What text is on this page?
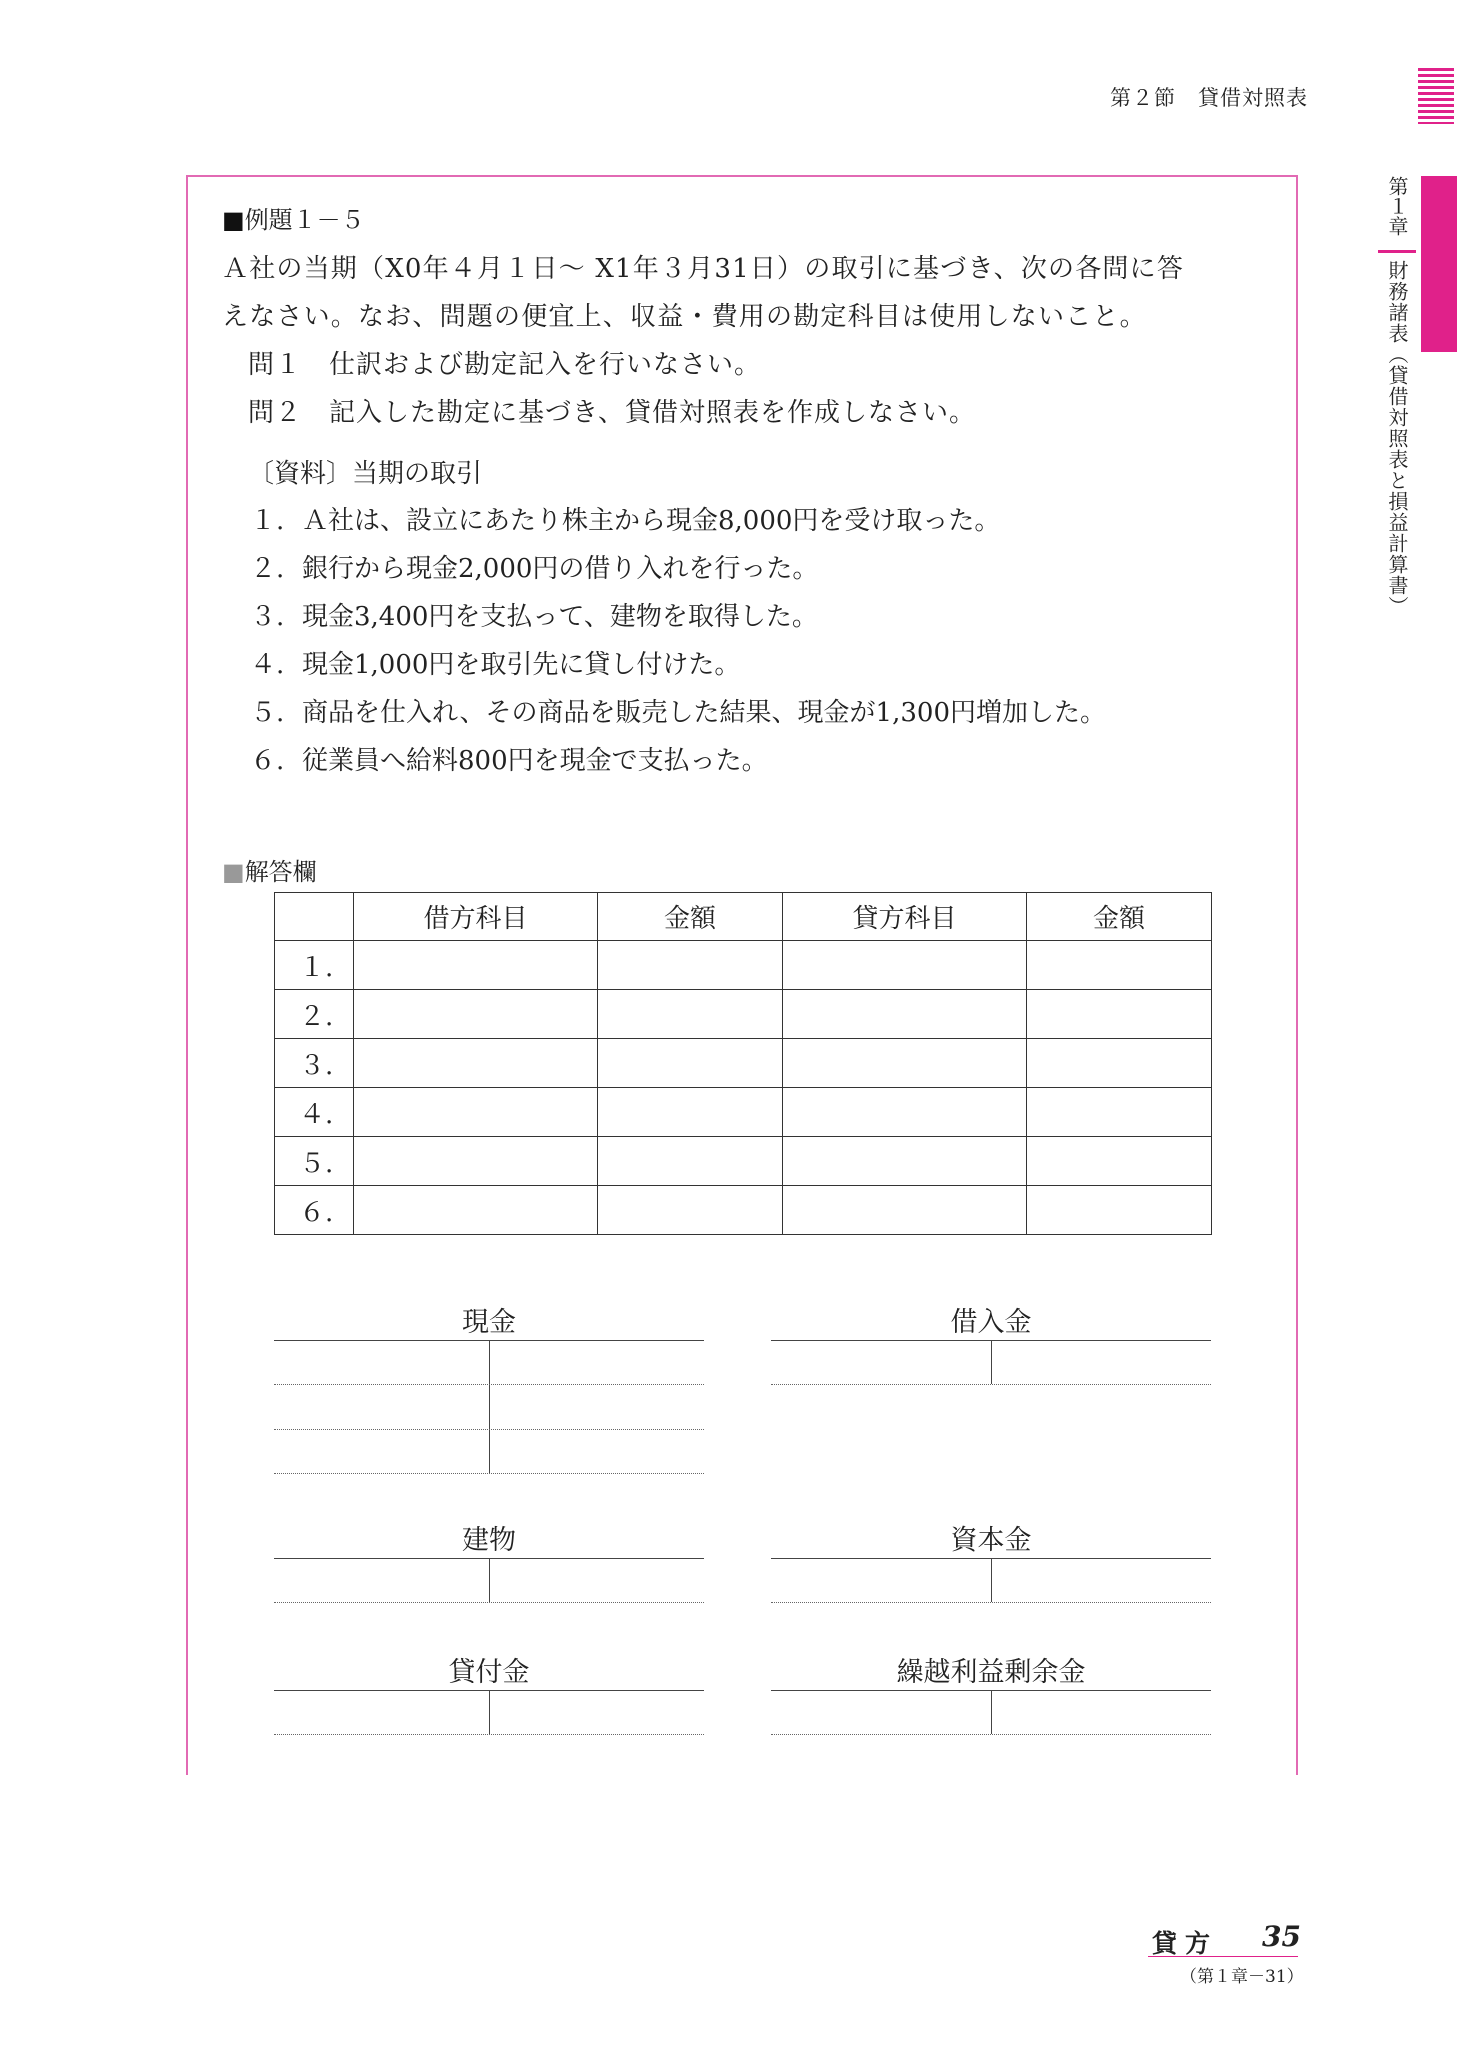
第２節　貸借対照表
第１章
財務諸表（貸借対照表と損益計算書）
■例題１－５
Ａ社の当期（X0年４月１日～ X1年３月31日）の取引に基づき、次の各問に答
えなさい。なお、問題の便宜上、収益・費用の勘定科目は使用しないこと。
問１　仕訳および勘定記入を行いなさい。
問２　記入した勘定に基づき、貸借対照表を作成しなさい。
〔資料〕当期の取引
１. Ａ社は、設立にあたり株主から現金8,000円を受け取った。
２. 銀行から現金2,000円の借り入れを行った。
３. 現金3,400円を支払って、建物を取得した。
４. 現金1,000円を取引先に貸し付けた。
５. 商品を仕入れ、その商品を販売した結果、現金が1,300円増加した。
６. 従業員へ給料800円を現金で支払った。
■解答欄
	借方科目	金額	貸方科目	金額
１.				
２.				
３.				
４.				
５.				
６.				
現金	借入金
建物	資本金
貸付金	繰越利益剰余金
貸方 35
（第１章－31）
